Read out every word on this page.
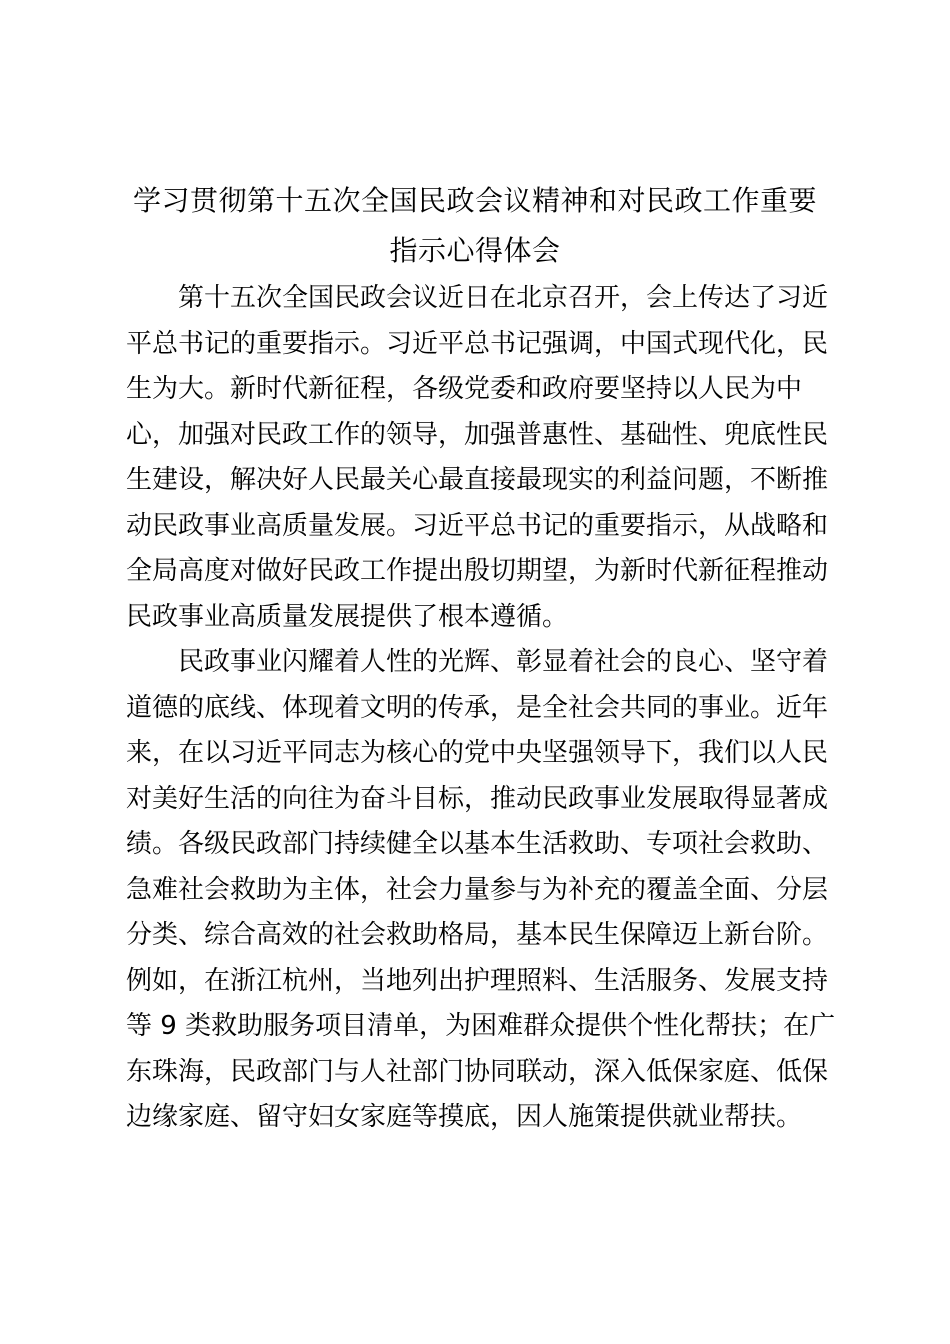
学习贯彻第十五次全国民政会议精神和对民政工作重要
指示心得体会
第十五次全国民政会议近日在北京召开，会上传达了习近
平总书记的重要指示。习近平总书记强调，中国式现代化，民
生为大。新时代新征程，各级党委和政府要坚持以人民为中
心，加强对民政工作的领导，加强普惠性、基础性、兜底性民
生建设，解决好人民最关心最直接最现实的利益问题，不断推
动民政事业高质量发展。习近平总书记的重要指示，从战略和
全局高度对做好民政工作提出殷切期望，为新时代新征程推动
民政事业高质量发展提供了根本遵循。
民政事业闪耀着人性的光辉、彰显着社会的良心、坚守着
道德的底线、体现着文明的传承，是全社会共同的事业。近年
来，在以习近平同志为核心的党中央坚强领导下，我们以人民
对美好生活的向往为奋斗目标，推动民政事业发展取得显著成
绩。各级民政部门持续健全以基本生活救助、专项社会救助、
急难社会救助为主体，社会力量参与为补充的覆盖全面、分层
分类、综合高效的社会救助格局，基本民生保障迈上新台阶。
例如，在浙江杭州，当地列出护理照料、生活服务、发展支持
等 9 类救助服务项目清单，为困难群众提供个性化帮扶；在广
东珠海，民政部门与人社部门协同联动，深入低保家庭、低保
边缘家庭、留守妇女家庭等摸底，因人施策提供就业帮扶。
